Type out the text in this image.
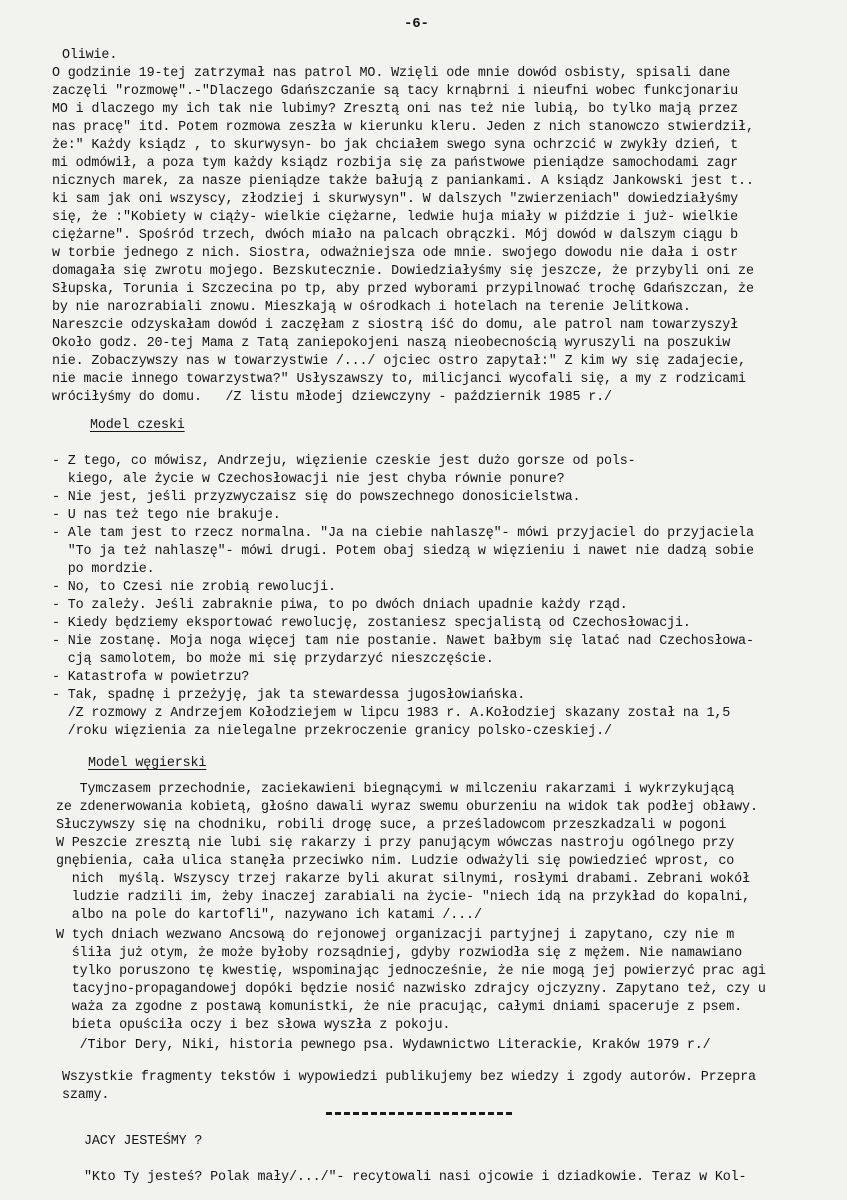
-6-
Oliwie.
O godzinie 19-tej zatrzymał nas patrol MO. Wzięli ode mnie dowód osbisty, spisali dane
zaczęli "rozmowę".-"Dlaczego Gdańszczanie są tacy krnąbrni i nieufni wobec funkcjonariu
MO i dlaczego my ich tak nie lubimy? Zresztą oni nas też nie lubią, bo tylko mają przez
nas pracę" itd. Potem rozmowa zeszła w kierunku kleru. Jeden z nich stanowczo stwierdził,
że:" Każdy ksiądz , to skurwysyn- bo jak chciałem swego syna ochrzcić w zwykły dzień, t
mi odmówił, a poza tym każdy ksiądz rozbija się za państwowe pieniądze samochodami zagr
nicznych marek, za nasze pieniądze także bałują z paniankami. A ksiądz Jankowski jest t..
ki sam jak oni wszyscy, złodziej i skurwysyn". W dalszych "zwierzeniach" dowiedziałyśmy
się, że :"Kobiety w ciąży- wielkie ciężarne, ledwie huja miały w piździe i już- wielkie
ciężarne". Spośród trzech, dwóch miało na palcach obrączki. Mój dowód w dalszym ciągu b
w torbie jednego z nich. Siostra, odważniejsza ode mnie. swojego dowodu nie dała i ostr
domagała się zwrotu mojego. Bezskutecznie. Dowiedziałyśmy się jeszcze, że przybyli oni ze
Słupska, Torunia i Szczecina po tp, aby przed wyborami przypilnować trochę Gdańszczan, że
by nie narozrabiali znowu. Mieszkają w ośrodkach i hotelach na terenie Jelitkowa.
Nareszcie odzyskałam dowód i zaczęłam z siostrą iść do domu, ale patrol nam towarzyszył
Około godz. 20-tej Mama z Tatą zaniepokojeni naszą nieobecnością wyruszyli na poszukiw
nie. Zobaczywszy nas w towarzystwie /.../ ojciec ostro zapytał:" Z kim wy się zadajecie,
nie macie innego towarzystwa?" Usłyszawszy to, milicjanci wycofali się, a my z rodzicami
wróciłyśmy do domu.   /Z listu młodej dziewczyny - październik 1985 r./
Model czeski
- Z tego, co mówisz, Andrzeju, więzienie czeskie jest dużo gorsze od pols-
kiego, ale życie w Czechosłowacji nie jest chyba równie ponure?
- Nie jest, jeśli przyzwyczaisz się do powszechnego donosicielstwa.
- U nas też tego nie brakuje.
- Ale tam jest to rzecz normalna. "Ja na ciebie nahlaszę"- mówi przyjaciel do przyjaciela
"To ja też nahlaszę"- mówi drugi. Potem obaj siedzą w więzieniu i nawet nie dadzą sobie
po mordzie.
- No, to Czesi nie zrobią rewolucji.
- To zależy. Jeśli zabraknie piwa, to po dwóch dniach upadnie każdy rząd.
- Kiedy będziemy eksportować rewolucję, zostaniesz specjalistą od Czechosłowacji.
- Nie zostanę. Moja noga więcej tam nie postanie. Nawet bałbym się latać nad Czechosłowa-
cją samolotem, bo może mi się przydarzyć nieszczęście.
- Katastrofa w powietrzu?
- Tak, spadnę i przeżyję, jak ta stewardessa jugosłowiańska.
/Z rozmowy z Andrzejem Kołodziejem w lipcu 1983 r. A.Kołodziej skazany został na 1,5
/roku więzienia za nielegalne przekroczenie granicy polsko-czeskiej./
Model węgierski
Tymczasem przechodnie, zaciekawieni biegnącymi w milczeniu rakarzami i wykrzykującą
ze zdenerwowania kobietą, głośno dawali wyraz swemu oburzeniu na widok tak podłej obławy.
Słuczywszy się na chodniku, robili drogę suce, a prześladowcom przeszkadzali w pogoni
W Peszcie zresztą nie lubi się rakarzy i przy panującym wówczas nastroju ogólnego przy
gnębienia, cała ulica stanęła przeciwko nim. Ludzie odważyli się powiedzieć wprost, co
nich  myślą. Wszyscy trzej rakarze byli akurat silnymi, rosłymi drabami. Zebrani wokół
ludzie radzili im, żeby inaczej zarabiali na życie- "niech idą na przykład do kopalni,
albo na pole do kartofli", nazywano ich katami /.../
W tych dniach wezwano Ancsową do rejonowej organizacji partyjnej i zapytano, czy nie m
śliła już otym, że może byłoby rozsądniej, gdyby rozwiodła się z mężem. Nie namawiano
tylko poruszono tę kwestię, wspominając jednocześnie, że nie mogą jej powierzyć prac agi
tacyjno-propagandowej dopóki będzie nosić nazwisko zdrajcy ojczyzny. Zapytano też, czy u
waża za zgodne z postawą komunistki, że nie pracując, całymi dniami spaceruje z psem.
bieta opuściła oczy i bez słowa wyszła z pokoju.
/Tibor Dery, Niki, historia pewnego psa. Wydawnictwo Literackie, Kraków 1979 r./
Wszystkie fragmenty tekstów i wypowiedzi publikujemy bez wiedzy i zgody autorów. Przepra
szamy.
JACY JESTEŚMY ?
"Kto Ty jesteś? Polak mały/.../"- recytowali nasi ojcowie i dziadkowie. Teraz w Kol-
